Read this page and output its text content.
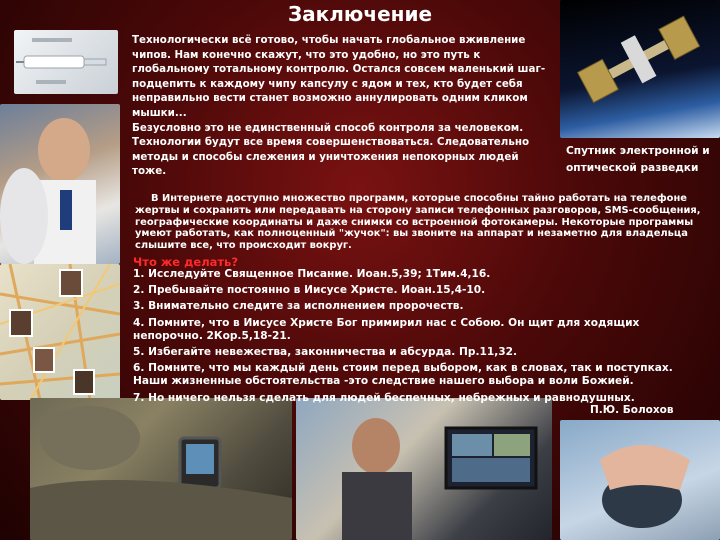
Заключение

Технологически всё готово, чтобы начать глобальное вживление чипов. Нам конечно скажут, что это удобно, но это путь к глобальному тотальному контролю. Остался совсем маленький шаг- подцепить к каждому чипу капсулу с ядом и тех, кто будет себя неправильно вести станет возможно аннулировать одним кликом мышки...

Безусловно это не единственный способ контроля за человеком. Технологии будут все время совершенствоваться. Следовательно методы и способы слежения и уничтожения непокорных людей тоже.

Спутник электронной и оптической разведки
В Интернете доступно множество программ, которые способны тайно работать на телефоне жертвы и сохранять или передавать на сторону записи телефонных разговоров, SMS-сообщения, географические координаты и даже снимки со встроенной фотокамеры. Некоторые программы умеют работать, как полноценный "жучок": вы звоните на аппарат и незаметно для владельца слышите все, что происходит вокруг.
Что же делать?
1. Исследуйте Священное Писание. Иоан.5,39; 1Тим.4,16.
2. Пребывайте постоянно в Иисусе Христе. Иоан.15,4-10.
3. Внимательно следите за исполнением пророчеств.
4. Помните, что в Иисусе Христе Бог примирил нас с Собою. Он щит для ходящих непорочно. 2Кор.5,18-21.
5. Избегайте невежества, законничества и абсурда. Пр.11,32.
6. Помните, что мы каждый день стоим перед выбором, как в словах, так и поступках. Наши жизненные обстоятельства -это следствие нашего выбора и воли Божией.
7. Но ничего нельзя сделать для людей беспечных, небрежных и равнодушных.
П.Ю. Болохов
